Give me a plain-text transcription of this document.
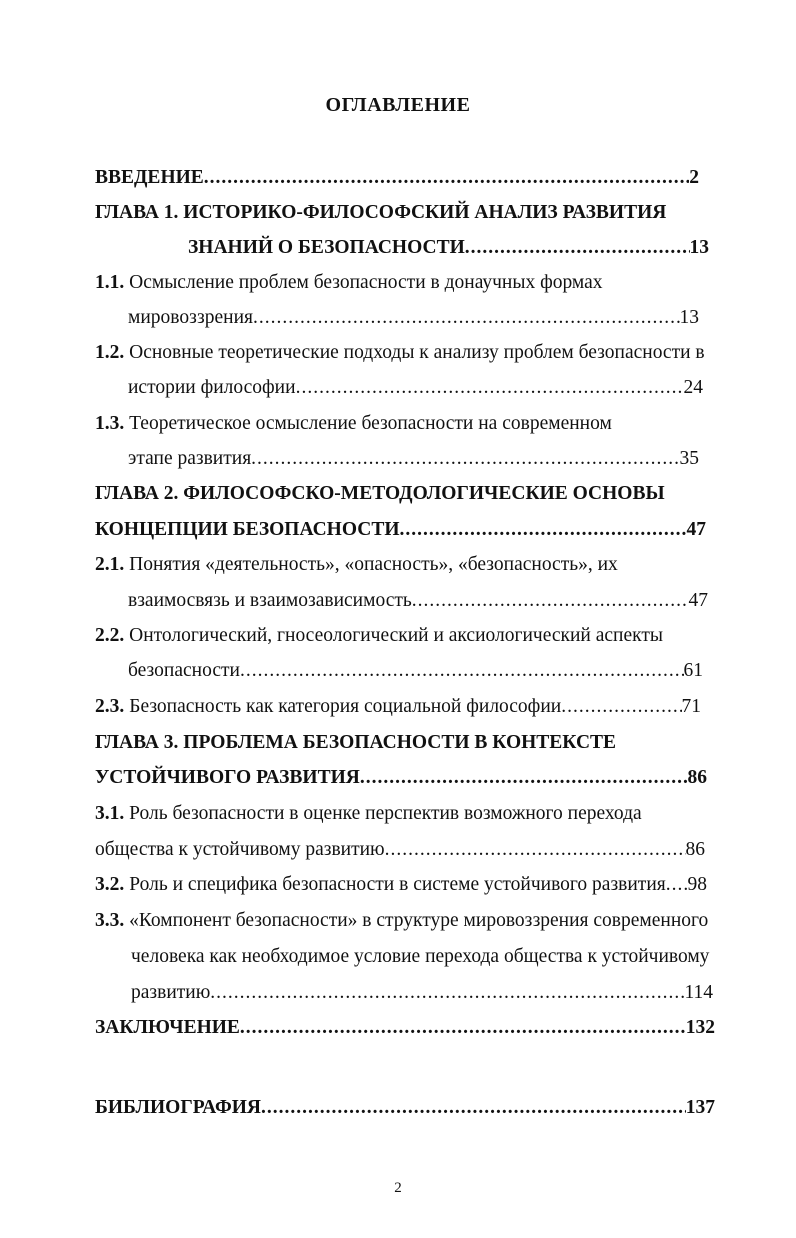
ОГЛАВЛЕНИЕ
ВВЕДЕНИЕ .....	2
ГЛАВА 1. ИСТОРИКО-ФИЛОСОФСКИЙ АНАЛИЗ РАЗВИТИЯ
ЗНАНИЙ О БЕЗОПАСНОСТИ .....	13
1.1. Осмысление проблем безопасности в донаучных формах
мировоззрения .....	13
1.2. Основные теоретические подходы к анализу проблем безопасности в
истории философии .....	24
1.3. Теоретическое осмысление безопасности на современном
этапе развития .....	35
ГЛАВА 2. ФИЛОСОФСКО-МЕТОДОЛОГИЧЕСКИЕ ОСНОВЫ
КОНЦЕПЦИИ БЕЗОПАСНОСТИ .....	47
2.1. Понятия «деятельность», «опасность», «безопасность», их
взаимосвязь и взаимозависимость .....	47
2.2. Онтологический, гносеологический и аксиологический аспекты
безопасности .....	61
2.3. Безопасность как категория социальной философии .....	71
ГЛАВА 3. ПРОБЛЕМА БЕЗОПАСНОСТИ В КОНТЕКСТЕ
УСТОЙЧИВОГО РАЗВИТИЯ .....	86
3.1. Роль безопасности в оценке перспектив возможного перехода
общества к устойчивому развитию .....	86
3.2. Роль и специфика безопасности в системе устойчивого развития ..... 98
3.3. «Компонент безопасности» в структуре мировоззрения современного
человека как необходимое условие перехода общества к устойчивому
развитию .....	114
ЗАКЛЮЧЕНИЕ .....	132
БИБЛИОГРАФИЯ .....	137
2
